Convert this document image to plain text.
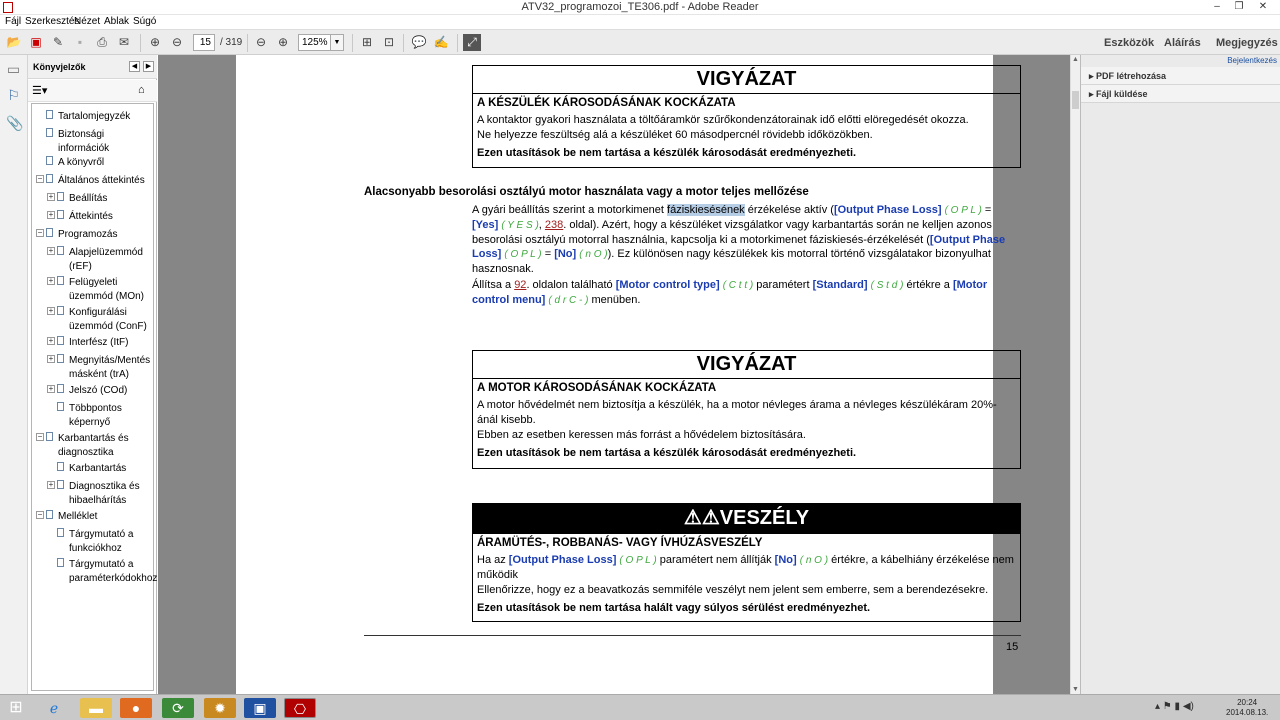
ATV32_programozoi_TE306.pdf - Adobe Reader	‒	❐	✕
Fájl Szerkesztés
Nézet Ablak Súgó
📂 ▣ ✎	▪	⎙	✉	⊕ ⊖	15 / 319	⊖ ⊕	125% ▼	⊞ ⊡	💬 ✍	⤢	Eszközök Aláírás Megjegyzés
▭
⚐
📎
Könyvjelzők	◀	▶
☰▾	⌂
Tartalomjegyzék
Biztonsági információk
A könyvről
− Általános áttekintés
+ Beállítás
+ Áttekintés
− Programozás
+ Alapjelüzemmód (rEF)
+ Felügyeleti üzemmód (MOn)
+ Konfigurálási üzemmód (ConF)
+ Interfész (ItF)
+ Megnyitás/Mentés másként (trA)
+ Jelszó (COd)
Többpontos képernyő
− Karbantartás és diagnosztika
Karbantartás
+ Diagnosztika és hibaelhárítás
− Melléklet
Tárgymutató a funkciókhoz
Tárgymutató a paraméterkódokhoz
VIGYÁZAT
A KÉSZÜLÉK KÁROSODÁSÁNAK KOCKÁZATA

A kontaktor gyakori használata a töltőáramkör szűrőkondenzátorainak idő előtti elöregedését okozza.

Ne helyezze feszültség alá a készüléket 60 másodpercnél rövidebb időközökben.

Ezen utasítások be nem tartása a készülék károsodását eredményezheti.

Alacsonyabb besorolási osztályú motor használata vagy a motor teljes mellőzése
A gyári beállítás szerint a motorkimenet fáziskiesésének érzékelése aktív ([Output Phase Loss] ( O P L ) = [Yes] ( Y E S ), 238. oldal). Azért, hogy a készüléket vizsgálatkor vagy karbantartás során ne kelljen azonos besorolási osztályú motorral használnia, kapcsolja ki a motorkimenet fáziskiesés-érzékelését ([Output Phase Loss] ( O P L ) = [No] ( n O )). Ez különösen nagy készülékek kis motorral történő vizsgálatakor bizonyulhat hasznosnak.
Állítsa a 92. oldalon található [Motor control type] ( C t t ) paramétert [Standard] ( S t d ) értékre a [Motor control menu] ( d r C - ) menüben.
VIGYÁZAT
A MOTOR KÁROSODÁSÁNAK KOCKÁZATA

A motor hővédelmét nem biztosítja a készülék, ha a motor névleges árama a névleges készülékáram 20%-ánál kisebb.

Ebben az esetben keressen más forrást a hővédelem biztosítására.

Ezen utasítások be nem tartása a készülék károsodását eredményezheti.

⚠⚠VESZÉLY
ÁRAMÜTÉS-, ROBBANÁS- VAGY ÍVHÚZÁSVESZÉLY

Ha az [Output Phase Loss] ( O P L ) paramétert nem állítják [No] ( n O ) értékre, a kábelhiány érzékelése nem működik

Ellenőrizze, hogy ez a beavatkozás semmiféle veszélyt nem jelent sem emberre, sem a berendezésekre.

Ezen utasítások be nem tartása halált vagy súlyos sérülést eredményezhet.

15
▲
▼
Bejelentkezés
▸ PDF létrehozása
▸ Fájl küldése
⊞	ℯ	▬	●	⟳	✹	▣	⎔	▴ ⚑ ▮ ◀)	20:24
2014.08.13.
